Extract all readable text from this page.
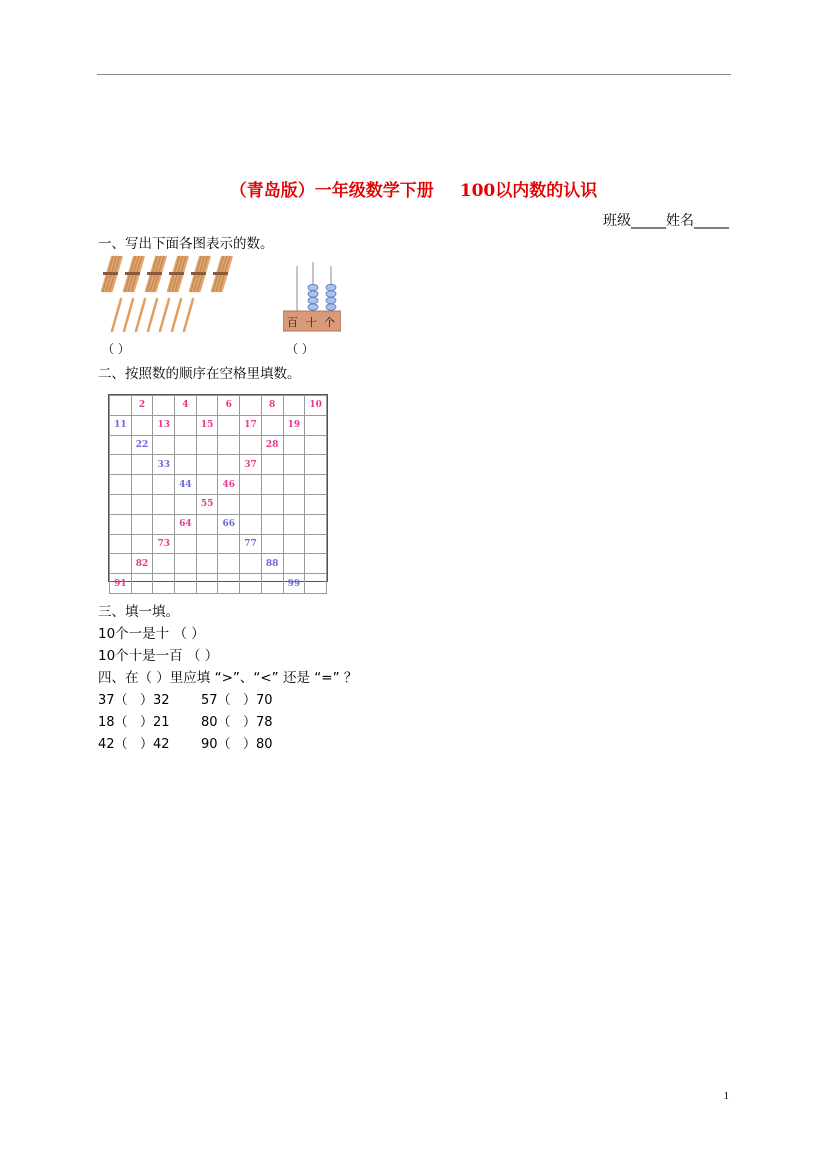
（青岛版）一年级数学下册 100以内数的认识
班级_____姓名_____
一、写出下面各图表示的数。
百 十 个
（ ）	（ ）
二、按照数的顺序在空格里填数。
	2		4		6		8		10
11		13		15		17		19	
	22						28		
		33				37			
			44		46				
				55					
			64		66				
		73				77			
	82						88		
91								99	
三、填一填。
10个一是十 （ ）
10个十是一百 （ ）
四、在（ ）里应填 “>”、“<” 还是 “=” ？
37（   ）32 57（   ）70
18（   ）21 80（   ）78
42（   ）42 90（   ）80
1
